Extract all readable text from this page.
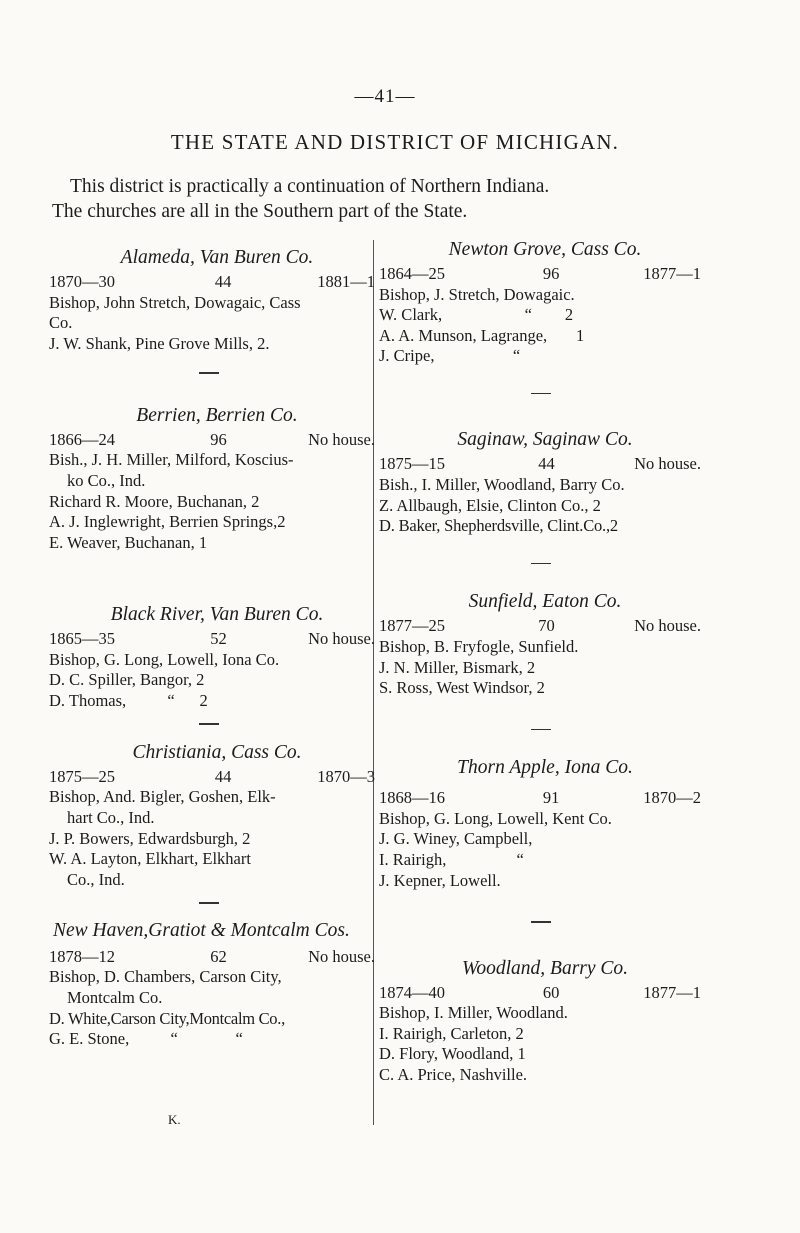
—41—
THE STATE AND DISTRICT OF MICHIGAN.

This district is practically a continuation of Northern Indiana.

The churches are all in the Southern part of the State.

Alameda, Van Buren Co.
1870—30	44	1881—1
Bishop, John Stretch, Dowagaic, Cass
Co.
J. W. Shank, Pine Grove Mills, 2.
Berrien, Berrien Co.
1866—24	96	No house.
Bish., J. H. Miller, Milford, Koscius-
ko Co., Ind.
Richard R. Moore, Buchanan, 2
A. J. Inglewright, Berrien Springs,2
E. Weaver, Buchanan, 1
Black River, Van Buren Co.
1865—35	52	No house.
Bishop, G. Long, Lowell, Iona Co.
D. C. Spiller, Bangor, 2
D. Thomas,          “      2
Christiania, Cass Co.
1875—25	44	1870—3
Bishop, And. Bigler, Goshen, Elk-
hart Co., Ind.
J. P. Bowers, Edwardsburgh, 2
W. A. Layton, Elkhart, Elkhart
Co., Ind.
New Haven,Gratiot & Montcalm Cos.
1878—12	62	No house.
Bishop, D. Chambers, Carson City,
Montcalm Co.
D. White,Carson City,Montcalm Co.,
G. E. Stone,          “              “
K.
Newton Grove, Cass Co.
1864—25	96	1877—1
Bishop, J. Stretch, Dowagaic.
W. Clark,                    “        2
A. A. Munson, Lagrange,       1
J. Cripe,                   “
Saginaw, Saginaw Co.
1875—15	44	No house.
Bish., I. Miller, Woodland, Barry Co.
Z. Allbaugh, Elsie, Clinton Co., 2
D. Baker, Shepherdsville, Clint.Co.,2
Sunfield, Eaton Co.
1877—25	70	No house.
Bishop, B. Fryfogle, Sunfield.
J. N. Miller, Bismark, 2
S. Ross, West Windsor, 2
Thorn Apple, Iona Co.
1868—16	91	1870—2
Bishop, G. Long, Lowell, Kent Co.
J. G. Winey, Campbell,
I. Rairigh,                 “
J. Kepner, Lowell.
Woodland, Barry Co.
1874—40	60	1877—1
Bishop, I. Miller, Woodland.
I. Rairigh, Carleton, 2
D. Flory, Woodland, 1
C. A. Price, Nashville.
